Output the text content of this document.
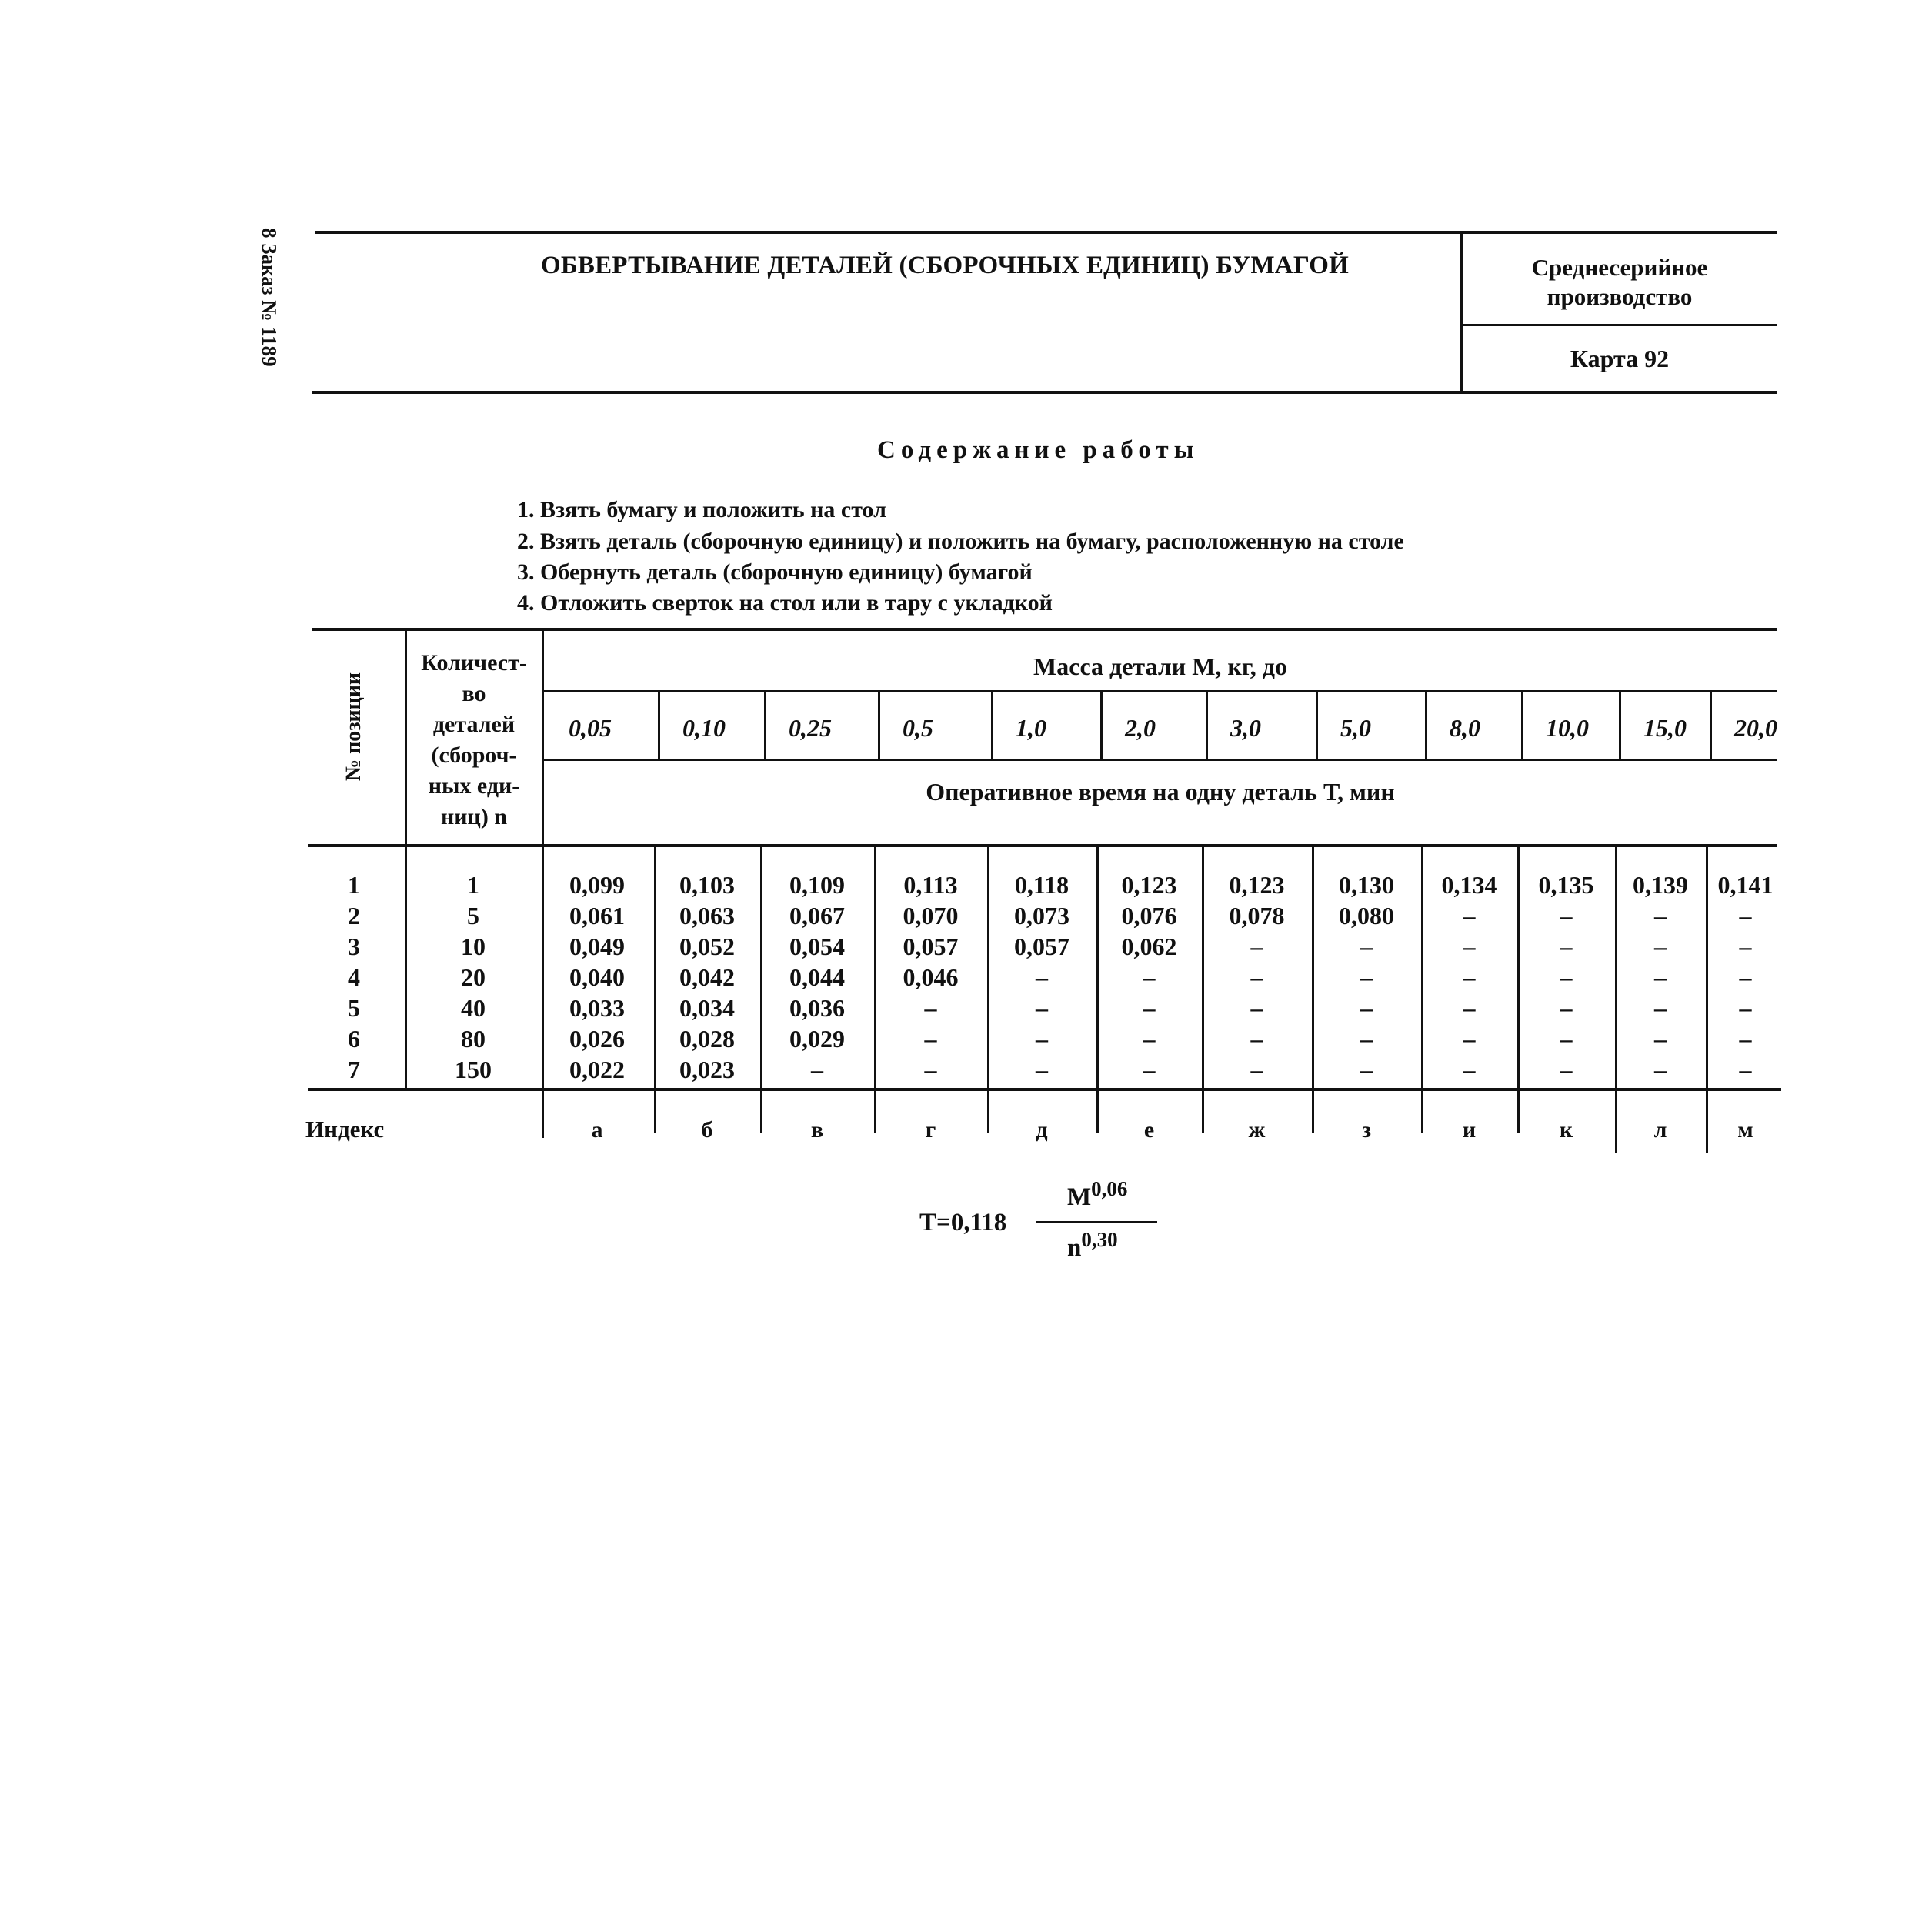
8 Заказ № 1189	ОБВЕРТЫВАНИЕ ДЕТАЛЕЙ (СБОРОЧНЫХ ЕДИНИЦ) БУМАГОЙ	Среднесерийное
производство
Карта 92
Содержание работы
1. Взять бумагу и положить на стол
2. Взять деталь (сборочную единицу) и положить на бумагу, расположенную на столе
3. Обернуть деталь (сборочную единицу) бумагой
4. Отложить сверток на стол или в тару с укладкой
№ позиции
Количест-
во
деталей
(сбороч-
ных еди-
ниц) n
Масса детали М, кг, до
Оперативное время на одну деталь Т, мин
Индекс
0,05
0,099
0,061
0,049
0,040
0,033
0,026
0,022
а
0,10
0,103
0,063
0,052
0,042
0,034
0,028
0,023
б
0,25
0,109
0,067
0,054
0,044
0,036
0,029
–
в
0,5
0,113
0,070
0,057
0,046
–
–
–
г
1,0
0,118
0,073
0,057
–
–
–
–
д
2,0
0,123
0,076
0,062
–
–
–
–
е
3,0
0,123
0,078
–
–
–
–
–
ж
5,0
0,130
0,080
–
–
–
–
–
з
8,0
0,134
–
–
–
–
–
–
и
10,0
0,135
–
–
–
–
–
–
к
15,0
0,139
–
–
–
–
–
–
л
20,0
0,141
–
–
–
–
–
–
м
1
2
3
4
5
6
7
1
5
10
20
40
80
150
T=0,118
M$^{0,06}$
$n^{0,30}$
